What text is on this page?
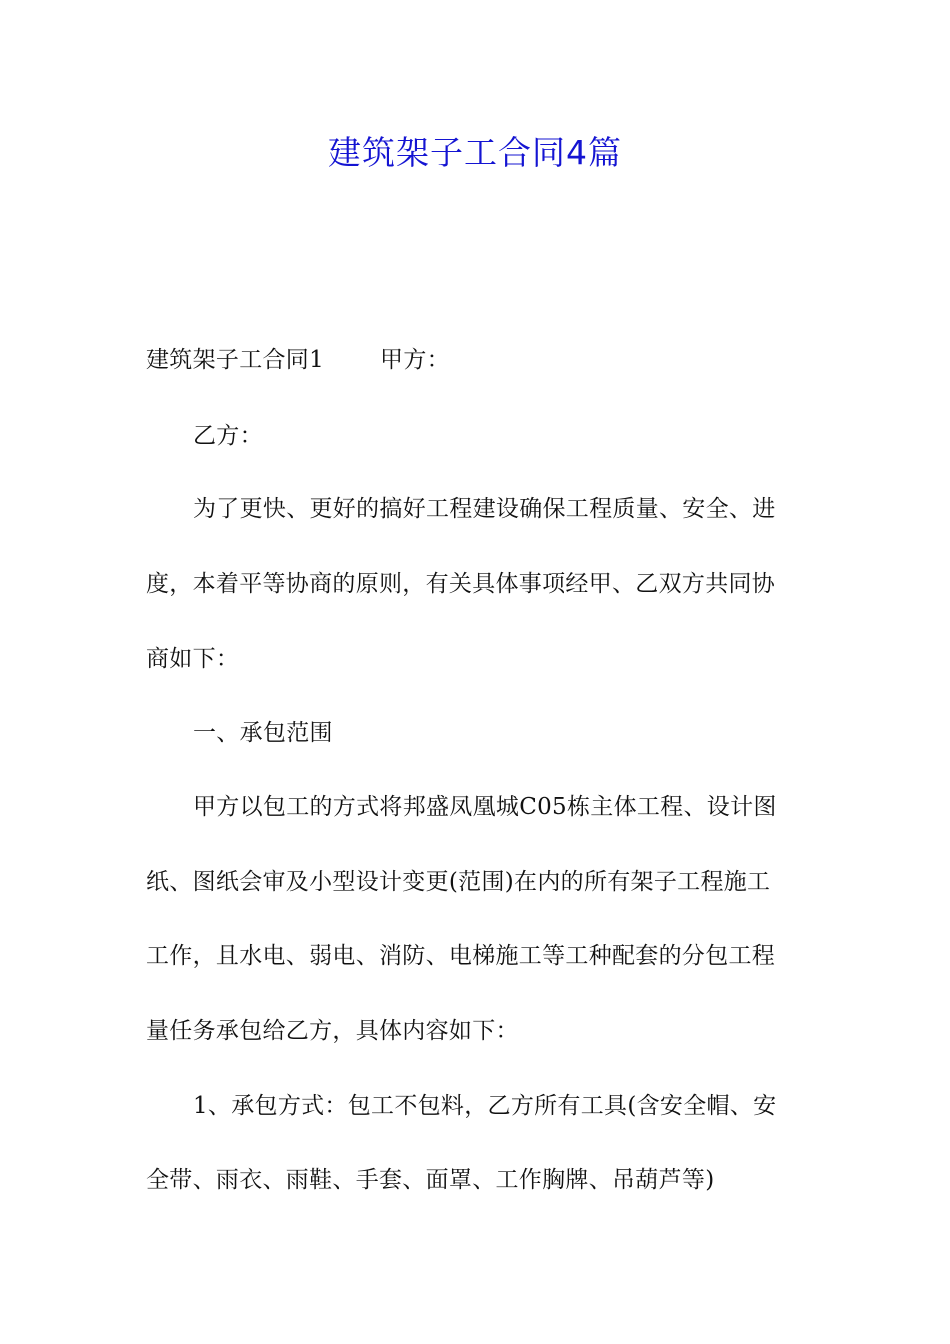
建筑架子工合同4篇
建筑架子工合同1 甲方：
乙方：
为了更快、更好的搞好工程建设确保工程质量、安全、进
度，本着平等协商的原则，有关具体事项经甲、乙双方共同协
商如下：
一、承包范围
甲方以包工的方式将邦盛凤凰城C05栋主体工程、设计图
纸、图纸会审及小型设计变更(范围)在内的所有架子工程施工
工作，且水电、弱电、消防、电梯施工等工种配套的分包工程
量任务承包给乙方，具体内容如下：
1、承包方式：包工不包料，乙方所有工具(含安全帽、安
全带、雨衣、雨鞋、手套、面罩、工作胸牌、吊葫芦等)
